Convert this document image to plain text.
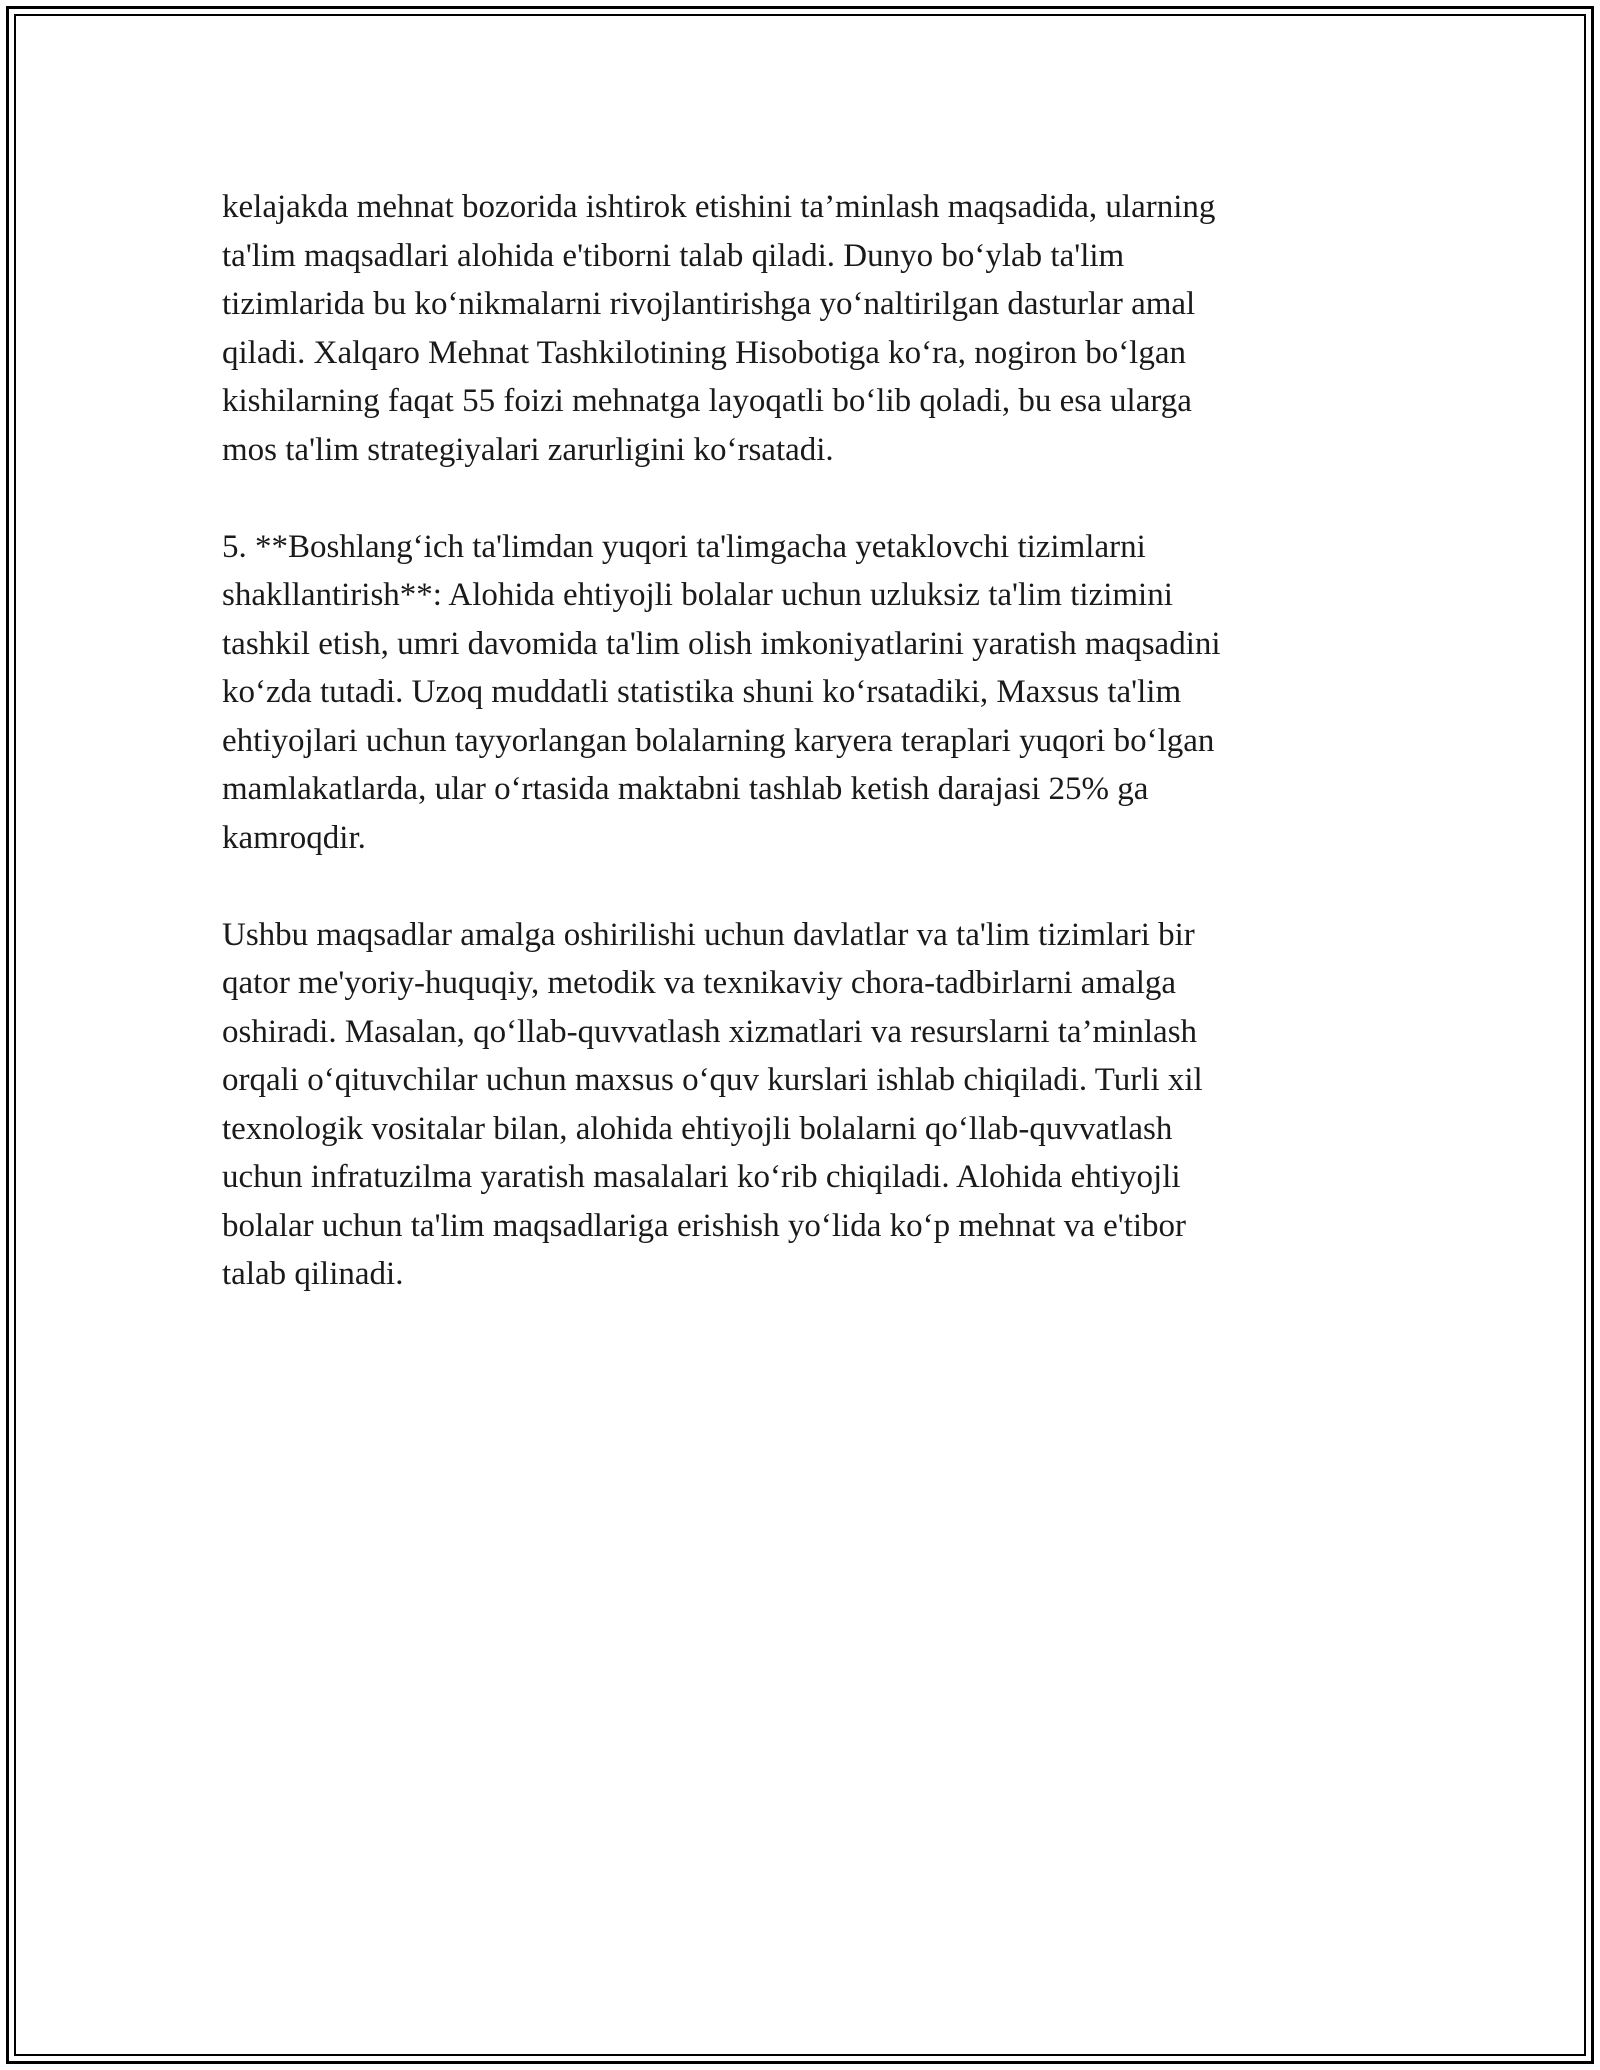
kelajakda mehnat bozorida ishtirok etishini ta’minlash maqsadida, ularning
ta'lim maqsadlari alohida e'tiborni talab qiladi. Dunyo bo‘ylab ta'lim
tizimlarida bu ko‘nikmalarni rivojlantirishga yo‘naltirilgan dasturlar amal
qiladi. Xalqaro Mehnat Tashkilotining Hisobotiga ko‘ra, nogiron bo‘lgan
kishilarning faqat 55 foizi mehnatga layoqatli bo‘lib qoladi, bu esa ularga
mos ta'lim strategiyalari zarurligini ko‘rsatadi.

5. **Boshlang‘ich ta'limdan yuqori ta'limgacha yetaklovchi tizimlarni
shakllantirish**: Alohida ehtiyojli bolalar uchun uzluksiz ta'lim tizimini
tashkil etish, umri davomida ta'lim olish imkoniyatlarini yaratish maqsadini
ko‘zda tutadi. Uzoq muddatli statistika shuni ko‘rsatadiki, Maxsus ta'lim
ehtiyojlari uchun tayyorlangan bolalarning karyera teraplari yuqori bo‘lgan
mamlakatlarda, ular o‘rtasida maktabni tashlab ketish darajasi 25% ga
kamroqdir.

Ushbu maqsadlar amalga oshirilishi uchun davlatlar va ta'lim tizimlari bir
qator me'yoriy-huquqiy, metodik va texnikaviy chora-tadbirlarni amalga
oshiradi. Masalan, qo‘llab-quvvatlash xizmatlari va resurslarni ta’minlash
orqali o‘qituvchilar uchun maxsus o‘quv kurslari ishlab chiqiladi. Turli xil
texnologik vositalar bilan, alohida ehtiyojli bolalarni qo‘llab-quvvatlash
uchun infratuzilma yaratish masalalari ko‘rib chiqiladi. Alohida ehtiyojli
bolalar uchun ta'lim maqsadlariga erishish yo‘lida ko‘p mehnat va e'tibor
talab qilinadi.
